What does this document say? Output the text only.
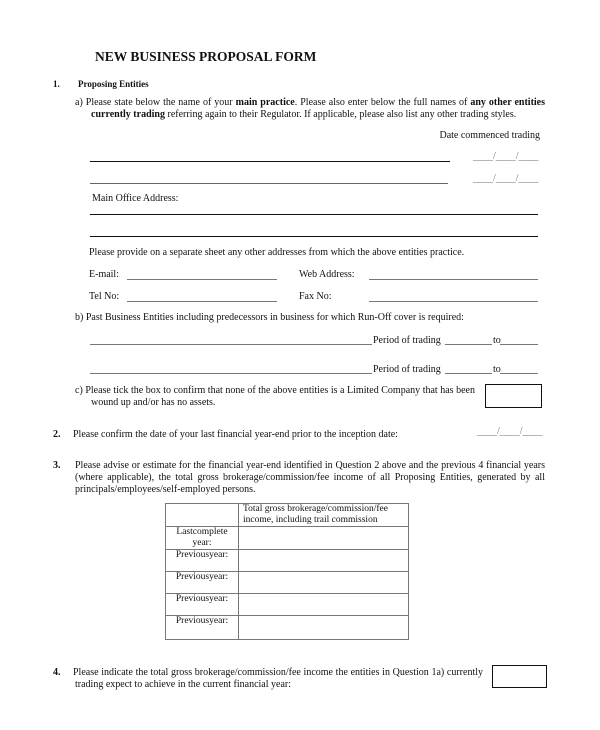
NEW BUSINESS PROPOSAL FORM
1. Proposing Entities
a) Please state below the name of your main practice. Please also enter below the full names of any other entities
currently trading referring again to their Regulator. If applicable, please also list any other trading styles.
Date commenced trading
____/____/____
____/____/____
Main Office Address:
Please provide on a separate sheet any other addresses from which the above entities practice.
E-mail:	Web Address:
Tel No:	Fax No:
b) Past Business Entities including predecessors in business for which Run-Off cover is required:
Period of trading	to
Period of trading	to
c) Please tick the box to confirm that none of the above entities is a Limited Company that has been
wound up and/or has no assets.
2. Please confirm the date of your last financial year-end prior to the inception date:	____/____/____
3. Please advise or estimate for the financial year-end identified in Question 2 above and the previous 4 financial years (where applicable), the total gross brokerage/commission/fee income of all Proposing Entities, generated by all
principals/employees/self-employed persons.
	Total gross brokerage/commission/fee income, including trail commission
Lastcomplete year:	
Previousyear:	
Previousyear:	
Previousyear:	
Previousyear:	
4. Please indicate the total gross brokerage/commission/fee income the entities in Question 1a) currently
trading expect to achieve in the current financial year:
